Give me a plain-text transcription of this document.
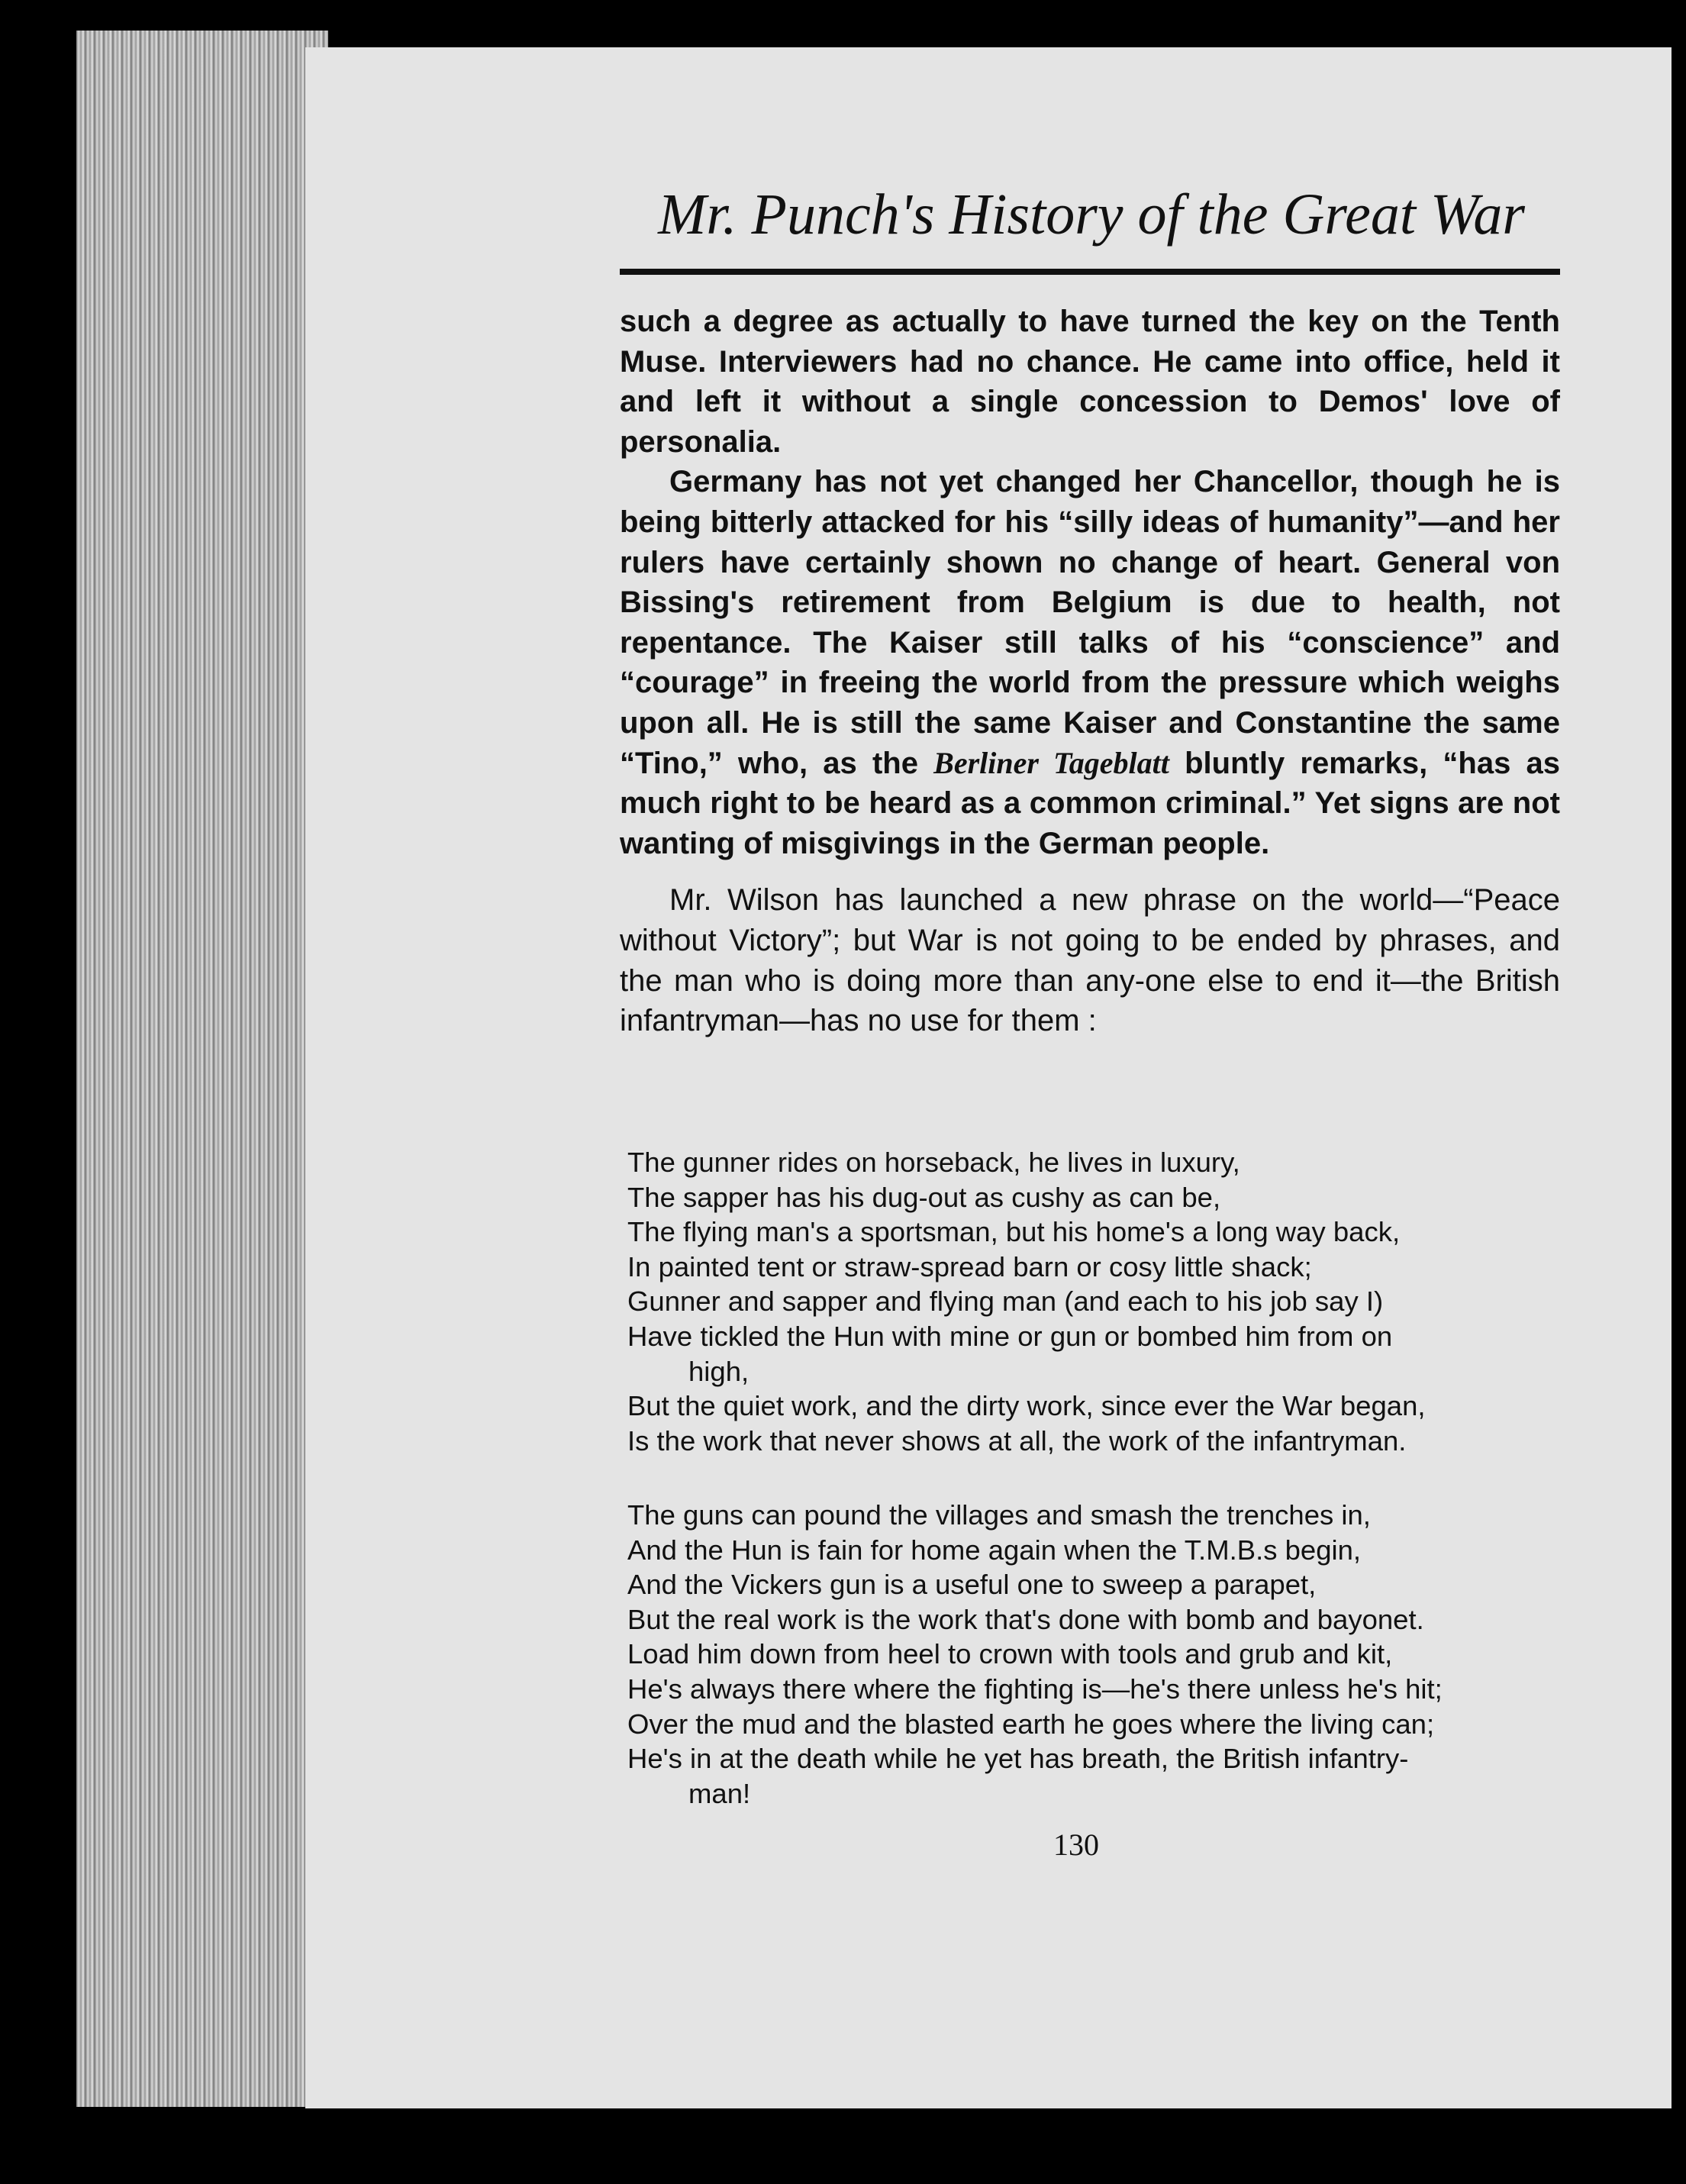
Mr. Punch's History of the Great War

such a degree as actually to have turned the key on the Tenth Muse. Interviewers had no chance. He came into office, held it and left it without a single concession to Demos' love of personalia.

Germany has not yet changed her Chancellor, though he is being bitterly attacked for his “silly ideas of humanity”—and her rulers have certainly shown no change of heart. General von Bissing's retirement from Belgium is due to health, not repentance. The Kaiser still talks of his “conscience” and “courage” in freeing the world from the pressure which weighs upon all. He is still the same Kaiser and Constantine the same “Tino,” who, as the Berliner Tageblatt bluntly remarks, “has as much right to be heard as a common criminal.” Yet signs are not wanting of misgivings in the German people.

Mr. Wilson has launched a new phrase on the world—“Peace without Victory”; but War is not going to be ended by phrases, and the man who is doing more than any-one else to end it—the British infantryman—has no use for them :

The gunner rides on horseback, he lives in luxury,
The sapper has his dug-out as cushy as can be,
The flying man's a sportsman, but his home's a long way back,
In painted tent or straw-spread barn or cosy little shack;
Gunner and sapper and flying man (and each to his job say I)
Have tickled the Hun with mine or gun or bombed him from on
high,
But the quiet work, and the dirty work, since ever the War began,
Is the work that never shows at all, the work of the infantryman.
The guns can pound the villages and smash the trenches in,
And the Hun is fain for home again when the T.M.B.s begin,
And the Vickers gun is a useful one to sweep a parapet,
But the real work is the work that's done with bomb and bayonet.
Load him down from heel to crown with tools and grub and kit,
He's always there where the fighting is—he's there unless he's hit;
Over the mud and the blasted earth he goes where the living can;
He's in at the death while he yet has breath, the British infantry-
man!
130
